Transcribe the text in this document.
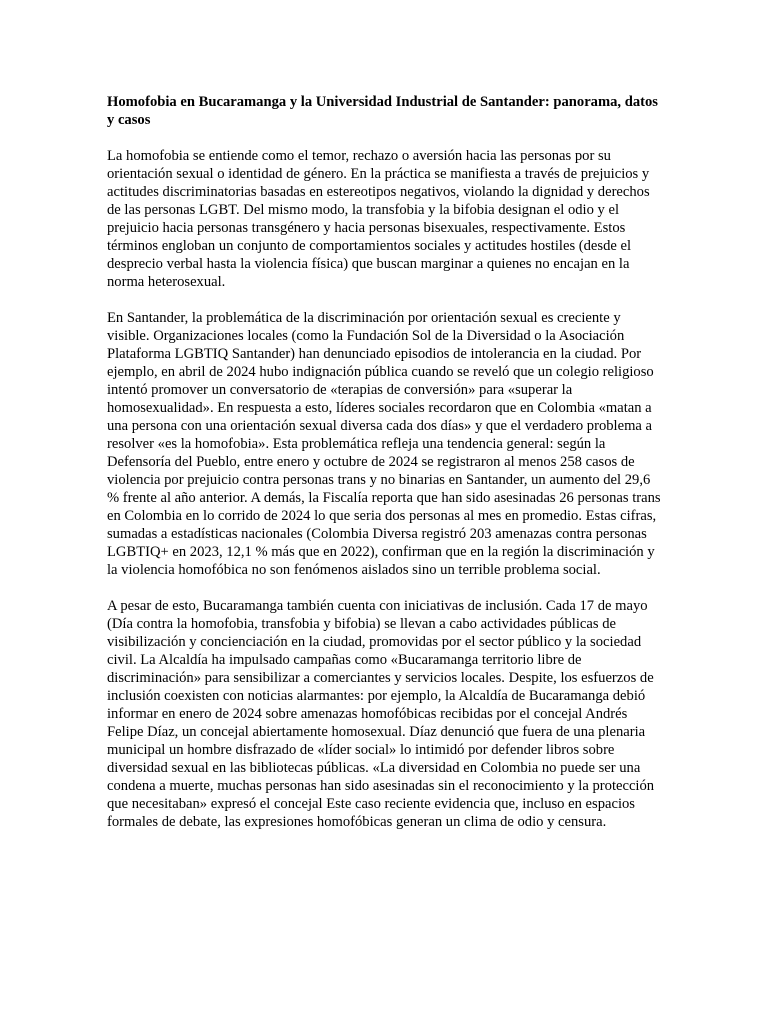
Homofobia en Bucaramanga y la Universidad Industrial de Santander: panorama, datos y casos

La homofobia se entiende como el temor, rechazo o aversión hacia las personas por su orientación sexual o identidad de género. En la práctica se manifiesta a través de prejuicios y actitudes discriminatorias basadas en estereotipos negativos, violando la dignidad y derechos de las personas LGBT. Del mismo modo, la transfobia y la bifobia designan el odio y el prejuicio hacia personas transgénero y hacia personas bisexuales, respectivamente. Estos términos engloban un conjunto de comportamientos sociales y actitudes hostiles (desde el desprecio verbal hasta la violencia física) que buscan marginar a quienes no encajan en la norma heterosexual.

En Santander, la problemática de la discriminación por orientación sexual es creciente y visible. Organizaciones locales (como la Fundación Sol de la Diversidad o la Asociación Plataforma LGBTIQ Santander) han denunciado episodios de intolerancia en la ciudad. Por ejemplo, en abril de 2024 hubo indignación pública cuando se reveló que un colegio religioso intentó promover un conversatorio de «terapias de conversión» para «superar la homosexualidad». En respuesta a esto, líderes sociales recordaron que en Colombia «matan a una persona con una orientación sexual diversa cada dos días» y que el verdadero problema a resolver «es la homofobia». Esta problemática refleja una tendencia general: según la Defensoría del Pueblo, entre enero y octubre de 2024 se registraron al menos 258 casos de violencia por prejuicio contra personas trans y no binarias en Santander, un aumento del 29,6 % frente al año anterior. A demás, la Fiscalía reporta que han sido asesinadas 26 personas trans en Colombia en lo corrido de 2024 lo que seria dos personas al mes en promedio. Estas cifras, sumadas a estadísticas nacionales (Colombia Diversa registró 203 amenazas contra personas LGBTIQ+ en 2023, 12,1 % más que en 2022), confirman que en la región la discriminación y la violencia homofóbica no son fenómenos aislados sino un terrible problema social.

A pesar de esto, Bucaramanga también cuenta con iniciativas de inclusión. Cada 17 de mayo (Día contra la homofobia, transfobia y bifobia) se llevan a cabo actividades públicas de visibilización y concienciación en la ciudad, promovidas por el sector público y la sociedad civil. La Alcaldía ha impulsado campañas como «Bucaramanga territorio libre de discriminación» para sensibilizar a comerciantes y servicios locales. Despite, los esfuerzos de inclusión coexisten con noticias alarmantes: por ejemplo, la Alcaldía de Bucaramanga debió informar en enero de 2024 sobre amenazas homofóbicas recibidas por el concejal Andrés Felipe Díaz, un concejal abiertamente homosexual. Díaz denunció que fuera de una plenaria municipal un hombre disfrazado de «líder social» lo intimidó por defender libros sobre diversidad sexual en las bibliotecas públicas. «La diversidad en Colombia no puede ser una condena a muerte, muchas personas han sido asesinadas sin el reconocimiento y la protección que necesitaban» expresó el concejal Este caso reciente evidencia que, incluso en espacios formales de debate, las expresiones homofóbicas generan un clima de odio y censura.
